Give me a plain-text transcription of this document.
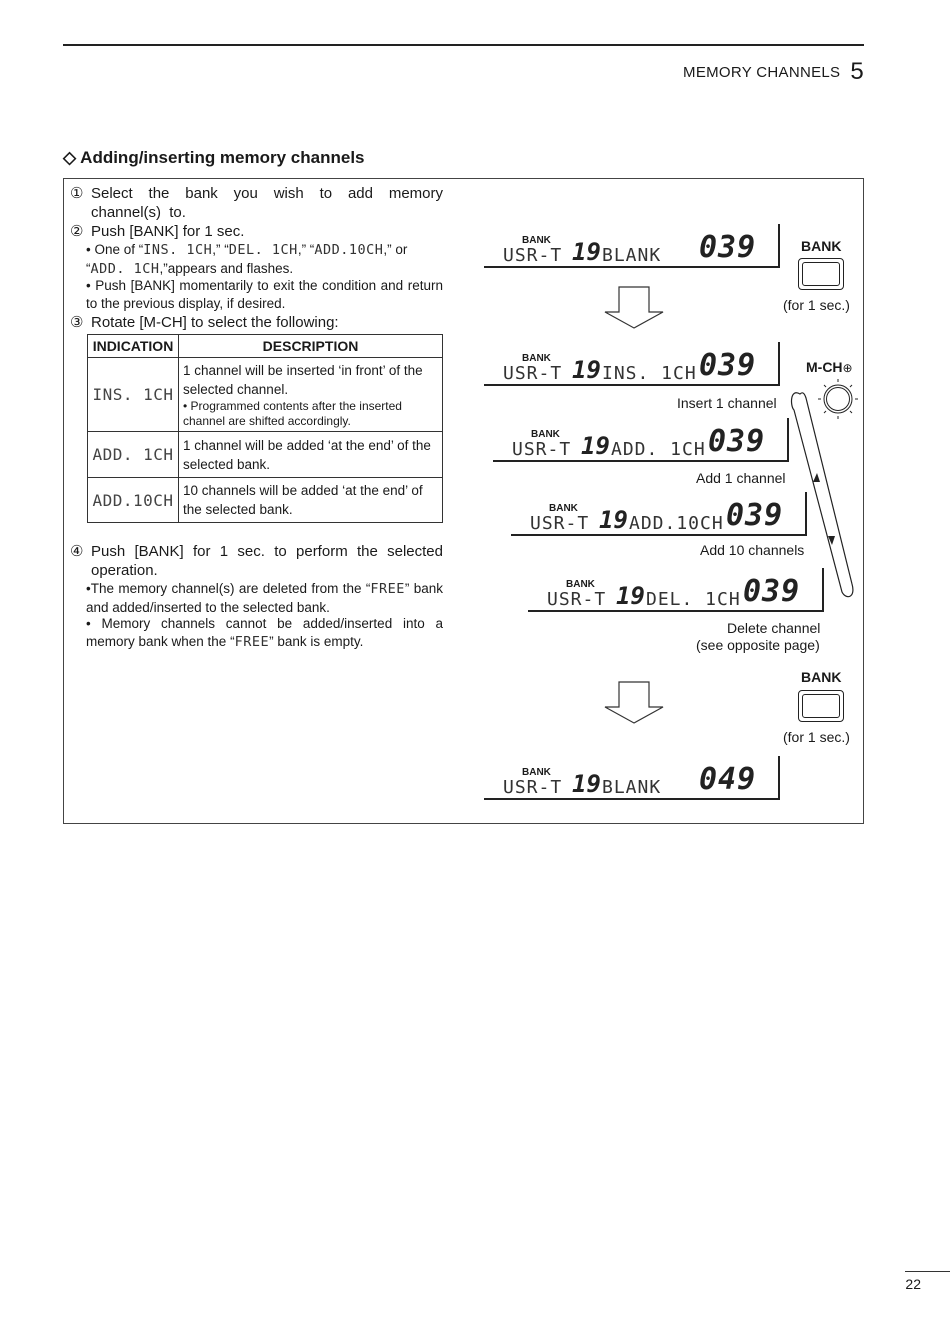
MEMORY CHANNELS 5
◇ Adding/inserting memory channels
① Select the bank you wish to add memory channel(s) to.
② Push [BANK] for 1 sec.
• One of “INS. 1CH,” “DEL. 1CH,” “ADD.10CH,” or “ADD. 1CH,”appears and flashes.
• Push [BANK] momentarily to exit the condition and return to the previous display, if desired.
③ Rotate [M-CH] to select the following:
INDICATION	DESCRIPTION
INS. 1CH	1 channel will be inserted ‘in front’ of the selected channel.
• Programmed contents after the inserted channel are shifted accordingly.

ADD. 1CH	1 channel will be added ‘at the end’ of the selected bank.
ADD.10CH	10 channels will be added ‘at the end’ of the selected bank.
④ Push [BANK] for 1 sec. to perform the selected operation.
•The memory channel(s) are deleted from the “FREE” bank and added/inserted to the selected bank.
• Memory channels cannot be added/inserted into a memory bank when the “FREE” bank is empty.
BANK
USR-T 19 BLANK 039	BANK
(for 1 sec.)
BANK
USR-T 19 INS. 1CH 039
Insert 1 channel
BANK
USR-T 19 ADD. 1CH 039
Add 1 channel
BANK
USR-T 19 ADD.10CH 039
Add 10 channels
BANK
USR-T 19 DEL. 1CH 039
Delete channel
(see opposite page)
M-CH⊕
BANK
(for 1 sec.)
BANK
USR-T 19 BLANK 049
22
